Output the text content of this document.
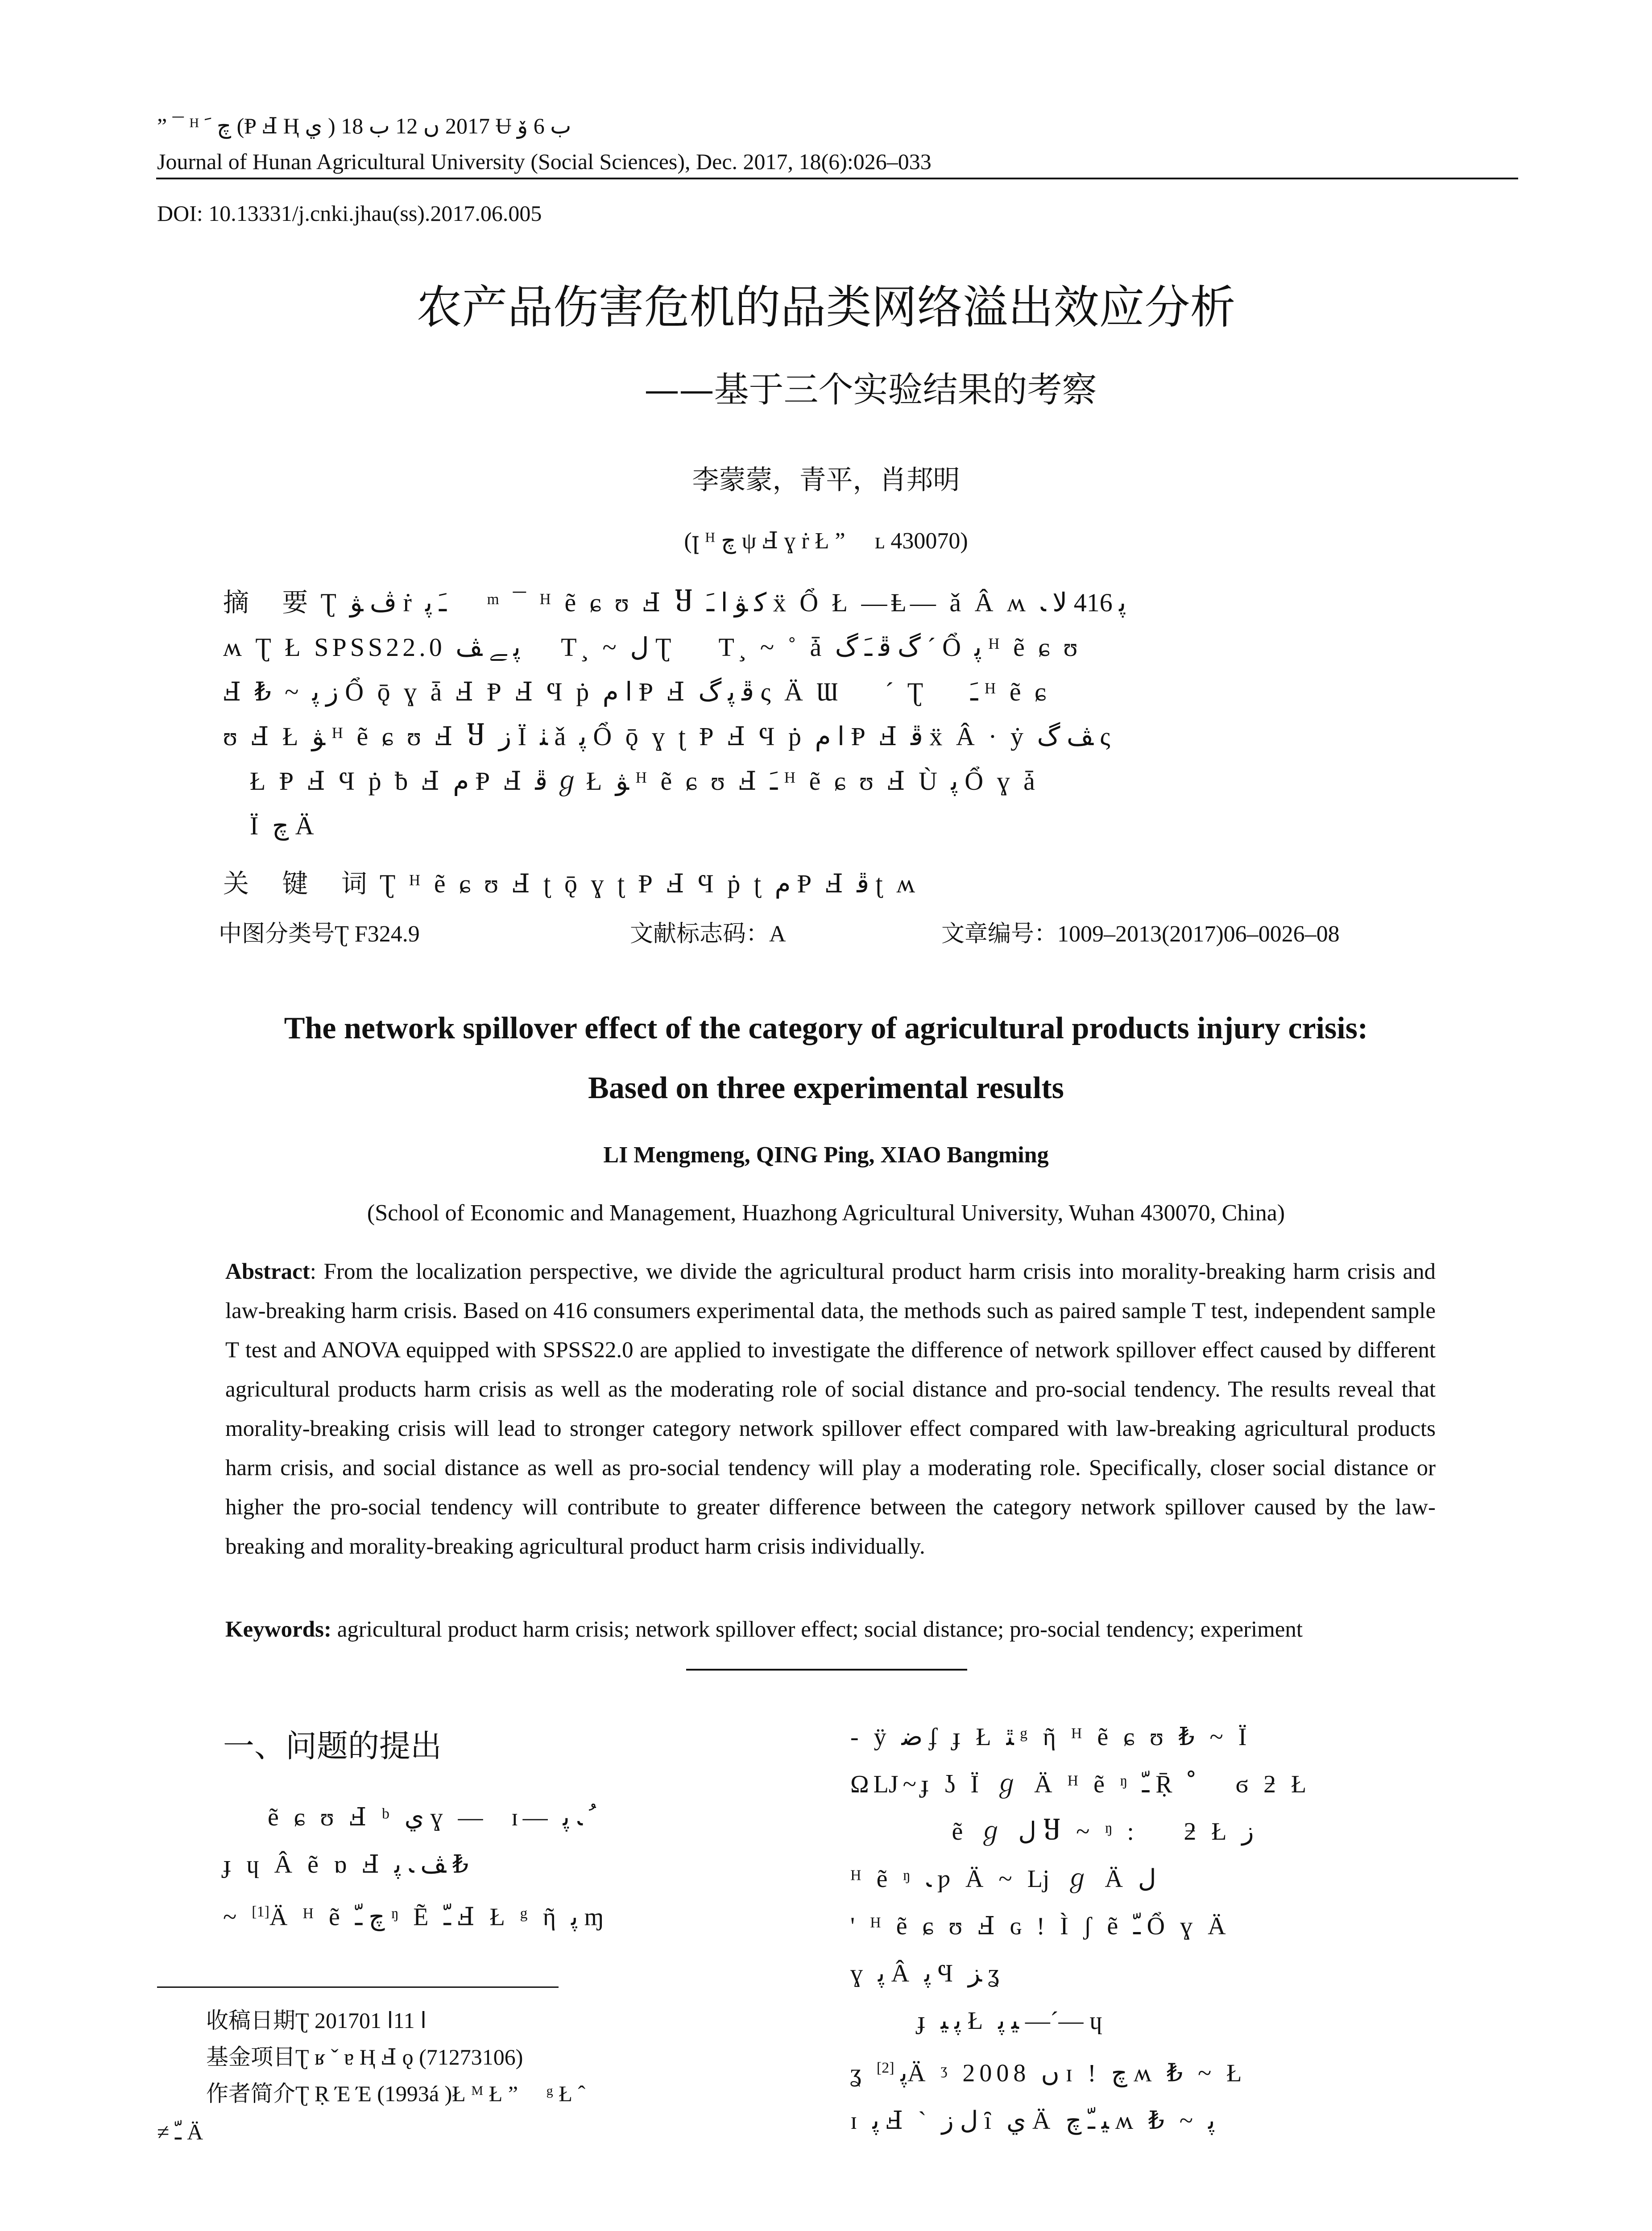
” ¯ ᴴ ﭺ ﹶ (Ᵽ Ⅎ Ⱨ ﻱ ) 2017 ﮞ 12 ﺏ 18 Ʉ ﺏ 6 ﯙ
Journal of Hunan Agricultural University (Social Sciences), Dec. 2017, 18(6):026–033
DOI: 10.13331/j.cnki.jhau(ss).2017.06.005
农产品伤害危机的品类网络溢出效应分析
——基于三个实验结果的考察
李蒙蒙，青平，肖邦明
(ꞁ ᴴ ﭺ ψ Ⅎ ɣ ṙ Ł ” ￿ ʟ 430070)
摘 要Ʈ ﭪ ﯟ ṙ ﹷ ﭘ ￿ ᵐ ¯ ᴴ ẽ ɕ ʊ Ⅎ Ⴘ ﮐ ﯟ ﺍ ﹷ ẍ Ổ Ł —Ⱡ— ǎ Â ʍ ﭘ 416 ﻻ ﹳ
ʍ Ʈ Ł SPSS22.0 ﭘ ﮯ ﭫ ￿ T¸ ~ ﻝ Ʈ ￿ T¸ ~ ˚ ǡ ﮒ ﭰ ﹷ ﮒ ˊ Ổ ﭘ ᴴ ẽ ɕ ʊ
Ⅎ ₺ ~ ﺯ ﭘ Ổ ǭ ɣ ǡ Ⅎ Ᵽ Ⅎ Ϥ ṗ ﺍ ﻡ Ᵽ Ⅎ ﭰ ﭘ ﮒ ς Ä Ɯ ￿ ˊ Ʈ ￿ ﹷ ᴴ ẽ ɕ
ʊ Ⅎ Ł ﯟ ᴴ ẽ ɕ ʊ Ⅎ Ⴘ ﺯ Ï ﭡ ǎ ﭘ Ổ ǭ ɣ ʈ Ᵽ Ⅎ Ϥ ṗ ﺍ ﻡ Ᵽ Ⅎ ﭰ ẍ Â · ẏ ﭫ ﮒ ς
Ł Ᵽ Ⅎ Ϥ ṗ ƀ Ⅎ ﻡ Ᵽ Ⅎ ﭰ ℊ Ł ﯟ ᴴ ẽ ɕ ʊ Ⅎ ﹷ ᴴ ẽ ɕ ʊ Ⅎ Ù ﭘ Ổ ɣ ǡ
Ï ﭺ Ä
关 键 词Ʈ ᴴ ẽ ɕ ʊ Ⅎ ʈ ǭ ɣ ʈ Ᵽ Ⅎ Ϥ ṗ ʈ ﻡ Ᵽ Ⅎ ﭰ ʈ ʍ
中图分类号Ʈ F324.9	文献标志码：A	文章编号：1009–2013(2017)06–0026–08
The network spillover effect of the category of agricultural products injury crisis:
Based on three experimental results
LI Mengmeng, QING Ping, XIAO Bangming
(School of Economic and Management, Huazhong Agricultural University, Wuhan 430070, China)
Abstract: From the localization perspective, we divide the agricultural product harm crisis into morality-breaking harm crisis and law-breaking harm crisis. Based on 416 consumers experimental data, the methods such as paired sample T test, independent sample T test and ANOVA equipped with SPSS22.0 are applied to investigate the difference of network spillover effect caused by different agricultural products harm crisis as well as the moderating role of social distance and pro-social tendency. The results reveal that morality-breaking crisis will lead to stronger category network spillover effect compared with law-breaking agricultural products harm crisis, and social distance as well as pro-social tendency will play a moderating role. Specifically, closer social distance or higher the pro-social tendency will contribute to greater difference between the category network spillover caused by the law-breaking and morality-breaking agricultural product harm crisis individually.
Keywords: agricultural product harm crisis; network spillover effect; social distance; pro-social tendency; experiment
一、问题的提出
ẽ ɕ ʊ Ⅎ ᵇ ﻱ ɣ —￿ɪ— ﹸ ﹳ ﭘ
ɟ ɥ Â ẽ ɒ Ⅎ ﭫ ﹳ ﭘ ₺
~ [1]Ä ᴴ ẽ ﭺ ﹽ ᵑ Ẽ ﹽ Ⅎ Ł ᵍ ῆ ﭘ ɱ
收稿日期Ʈ 2017ﺍ 11ﺍ 01
基金项目Ʈ ʁ ˇ ɐ Ⱨ Ⅎ ǫ (71273106)
作者简介Ʈ Ṛ Έ Έ (1993á )Ł ᴹ Ł ” ￿ ᵍ Ł ˆ
≠ ﹽ Ä
- ÿ ﺿ ʄ ɟ Ł ﭥ ᵍ ῆ ᴴ ẽ ɕ ʊ ₺ ~ Ï
ΩǇ~ɟ ʖ Ï ℊ Ä ᴴ ẽ ᵑ ﹽ Ṝ ﹾ ￿ ϭ ƻ Ł
￿ ẽ ℊ ﻝ Ⴘ ~ ᵑ : ￿ ƻ Ł ﺯ
ᴴ ẽ ᵑ ﹳ ƿ Ä ~ ǈ ℊ Ä ﻝ
' ᴴ ẽ ɕ ʊ Ⅎ ɢ ! Ì ʃ ẽ ﹽ Ổ ɣ Ä
ɣ ﭘ Â ﭘ Ϥ ﺰ ʓ
ɟ ﭘ ﯿ Ł ﯿ ﭘ —ˊ— ɥ ￿
ʓ ﭘ [2] Ä ᶾ 2008 ﮞ ɪ ! ﭺ ʍ ₺ ~ Ł
ɪ ﭘ Ⅎ ˋ ﻝ ﺯ ȋ ﻱ Ä ﯿ ﹽ ﭺ ʍ ₺ ~ ﭘ
